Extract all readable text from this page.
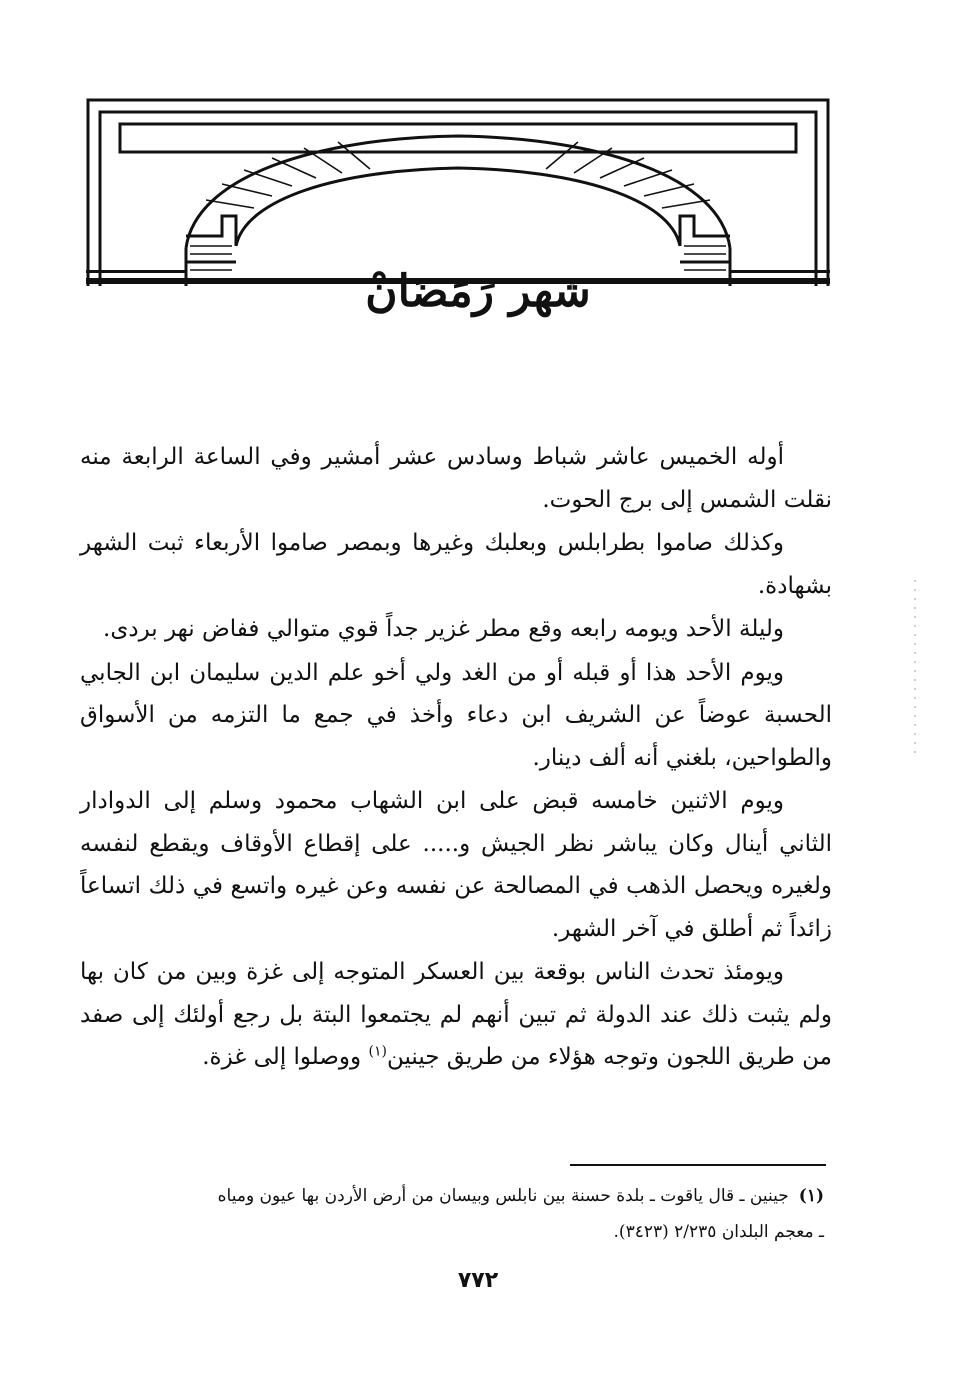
شهر رَمَضَانْ

أوله الخميس عاشر شباط وسادس عشر أمشير وفي الساعة الرابعة منه نقلت الشمس إلى برج الحوت.

وكذلك صاموا بطرابلس وبعلبك وغيرها وبمصر صاموا الأربعاء ثبت الشهر بشهادة.

وليلة الأحد ويومه رابعه وقع مطر غزير جداً قوي متوالي ففاض نهر بردى.

ويوم الأحد هذا أو قبله أو من الغد ولي أخو علم الدين سليمان ابن الجابي الحسبة عوضاً عن الشريف ابن دعاء وأخذ في جمع ما التزمه من الأسواق والطواحين، بلغني أنه ألف دينار.

ويوم الاثنين خامسه قبض على ابن الشهاب محمود وسلم إلى الدوادار الثاني أينال وكان يباشر نظر الجيش و..... على إقطاع الأوقاف ويقطع لنفسه ولغيره ويحصل الذهب في المصالحة عن نفسه وعن غيره واتسع في ذلك اتساعاً زائداً ثم أطلق في آخر الشهر.

ويومئذ تحدث الناس بوقعة بين العسكر المتوجه إلى غزة وبين من كان بها ولم يثبت ذلك عند الدولة ثم تبين أنهم لم يجتمعوا البتة بل رجع أولئك إلى صفد من طريق اللجون وتوجه هؤلاء من طريق جينين$^{(١)}$ ووصلوا إلى غزة.

(١)جينين ـ قال ياقوت ـ بلدة حسنة بين نابلس وبيسان من أرض الأردن بها عيون ومياه
ـ معجم البلدان ٢/٢٣٥ (٣٤٢٣).
٧٧٢
